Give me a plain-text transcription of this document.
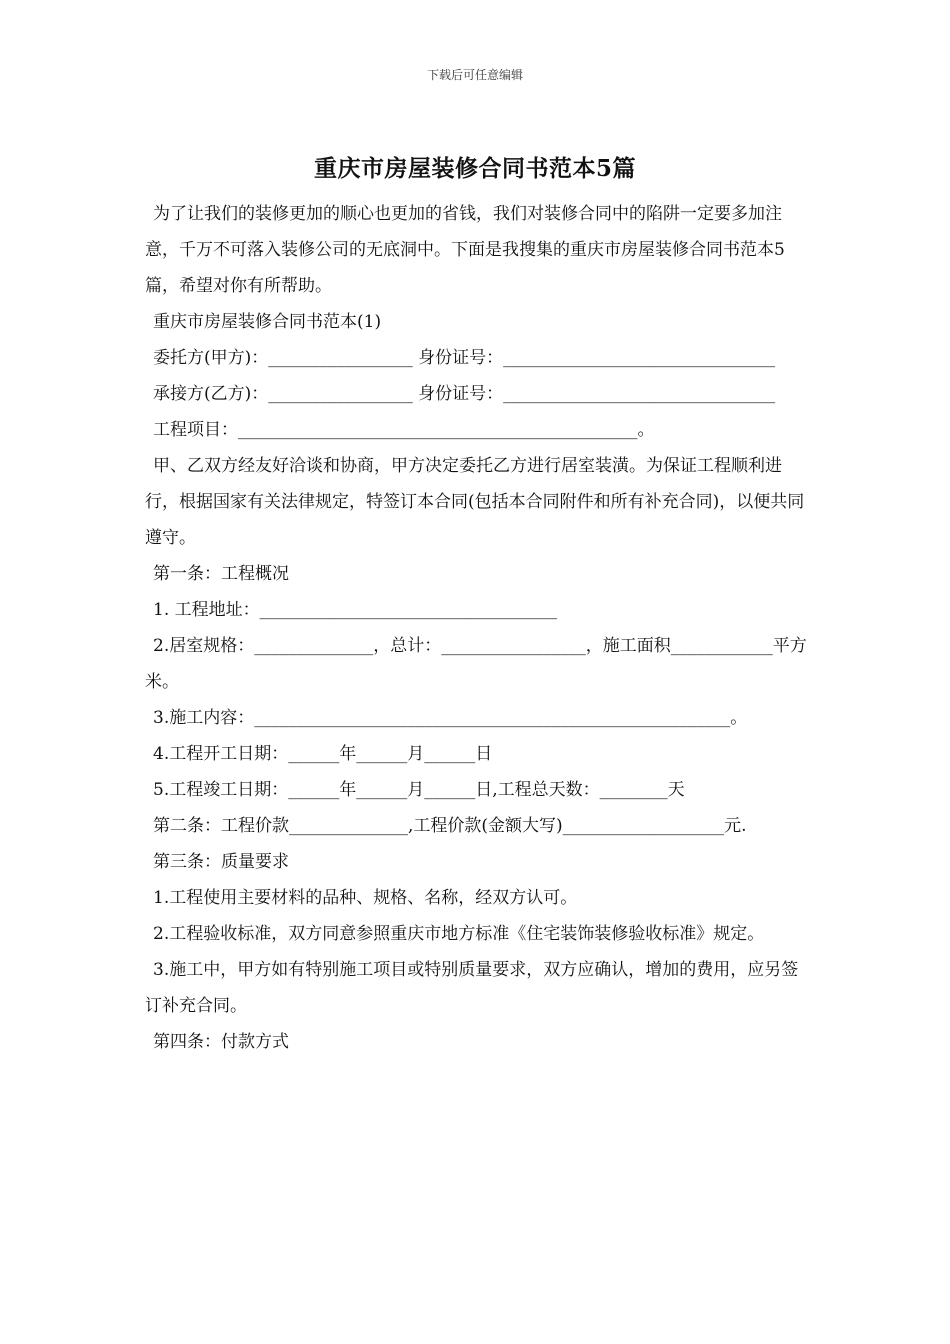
下载后可任意编辑
重庆市房屋装修合同书范本5篇

为了让我们的装修更加的顺心也更加的省钱，我们对装修合同中的陷阱一定要多加注意，千万不可落入装修公司的无底洞中。下面是我搜集的重庆市房屋装修合同书范本5篇，希望对你有所帮助。

重庆市房屋装修合同书范本(1)

委托方(甲方)：_________________ 身份证号：________________________________

承接方(乙方)：_________________ 身份证号：________________________________

工程项目：_______________________________________________。

甲、乙双方经友好洽谈和协商，甲方决定委托乙方进行居室装潢。为保证工程顺利进行，根据国家有关法律规定，特签订本合同(包括本合同附件和所有补充合同)，以便共同遵守。

第一条：工程概况

1. 工程地址：___________________________________

2.居室规格：______________，总计：_________________，施工面积____________平方米。

3.施工内容：________________________________________________________。

4.工程开工日期：______年______月______日

5.工程竣工日期：______年______月______日,工程总天数：________天

第二条：工程价款______________,工程价款(金额大写)___________________元.

第三条：质量要求

1.工程使用主要材料的品种、规格、名称，经双方认可。

2.工程验收标准，双方同意参照重庆市地方标准《住宅装饰装修验收标准》规定。

3.施工中，甲方如有特别施工项目或特别质量要求，双方应确认，增加的费用，应另签订补充合同。

第四条：付款方式
